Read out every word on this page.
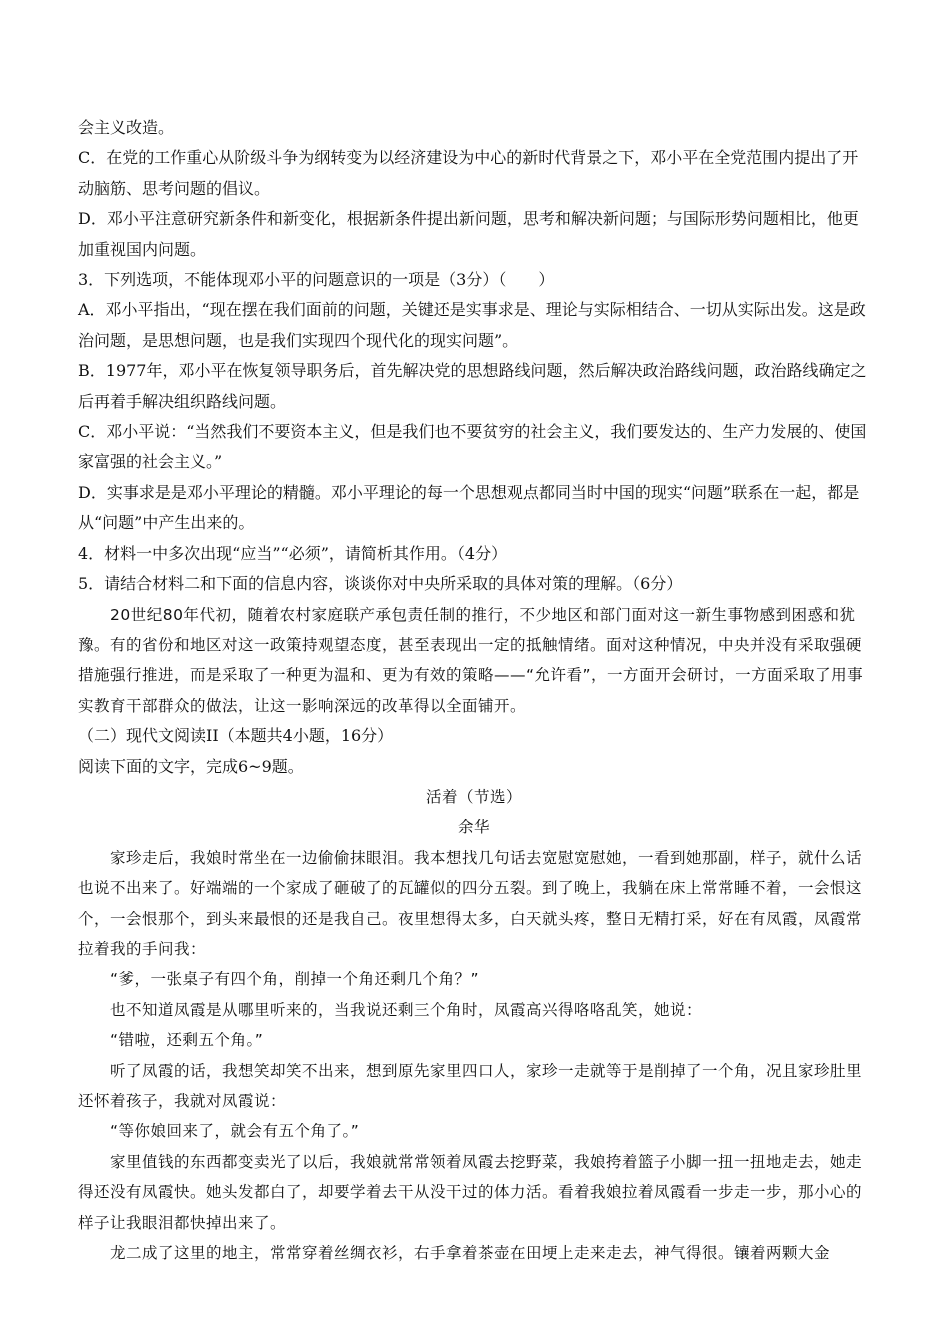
会主义改造。

C．在党的工作重心从阶级斗争为纲转变为以经济建设为中心的新时代背景之下，邓小平在全党范围内提出了开动脑筋、思考问题的倡议。

D．邓小平注意研究新条件和新变化，根据新条件提出新问题，思考和解决新问题；与国际形势问题相比，他更加重视国内问题。

3．下列选项，不能体现邓小平的问题意识的一项是（3分）（　　）

A．邓小平指出，“现在摆在我们面前的问题，关键还是实事求是、理论与实际相结合、一切从实际出发。这是政治问题，是思想问题，也是我们实现四个现代化的现实问题”。

B．1977年，邓小平在恢复领导职务后，首先解决党的思想路线问题，然后解决政治路线问题，政治路线确定之后再着手解决组织路线问题。

C．邓小平说：“当然我们不要资本主义，但是我们也不要贫穷的社会主义，我们要发达的、生产力发展的、使国家富强的社会主义。”

D．实事求是是邓小平理论的精髓。邓小平理论的每一个思想观点都同当时中国的现实“问题”联系在一起，都是从“问题”中产生出来的。

4．材料一中多次出现“应当”“必须”，请简析其作用。（4分）

5．请结合材料二和下面的信息内容，谈谈你对中央所采取的具体对策的理解。（6分）

20世纪80年代初，随着农村家庭联产承包责任制的推行，不少地区和部门面对这一新生事物感到困惑和犹豫。有的省份和地区对这一政策持观望态度，甚至表现出一定的抵触情绪。面对这种情况，中央并没有采取强硬措施强行推进，而是采取了一种更为温和、更为有效的策略——“允许看”，一方面开会研讨，一方面采取了用事实教育干部群众的做法，让这一影响深远的改革得以全面铺开。

（二）现代文阅读II（本题共4小题，16分）

阅读下面的文字，完成6~9题。

活着（节选）

余华

家珍走后，我娘时常坐在一边偷偷抹眼泪。我本想找几句话去宽慰宽慰她，一看到她那副，样子，就什么话也说不出来了。好端端的一个家成了砸破了的瓦罐似的四分五裂。到了晚上，我躺在床上常常睡不着，一会恨这个，一会恨那个，到头来最恨的还是我自己。夜里想得太多，白天就头疼，整日无精打采，好在有凤霞，凤霞常拉着我的手问我：

“爹，一张桌子有四个角，削掉一个角还剩几个角？”

也不知道凤霞是从哪里听来的，当我说还剩三个角时，凤霞高兴得咯咯乱笑，她说：

“错啦，还剩五个角。”

听了凤霞的话，我想笑却笑不出来，想到原先家里四口人，家珍一走就等于是削掉了一个角，况且家珍肚里还怀着孩子，我就对凤霞说：

“等你娘回来了，就会有五个角了。”

家里值钱的东西都变卖光了以后，我娘就常常领着凤霞去挖野菜，我娘挎着篮子小脚一扭一扭地走去，她走得还没有凤霞快。她头发都白了，却要学着去干从没干过的体力活。看着我娘拉着凤霞看一步走一步，那小心的样子让我眼泪都快掉出来了。

龙二成了这里的地主，常常穿着丝绸衣衫，右手拿着茶壶在田埂上走来走去，神气得很。镶着两颗大金
